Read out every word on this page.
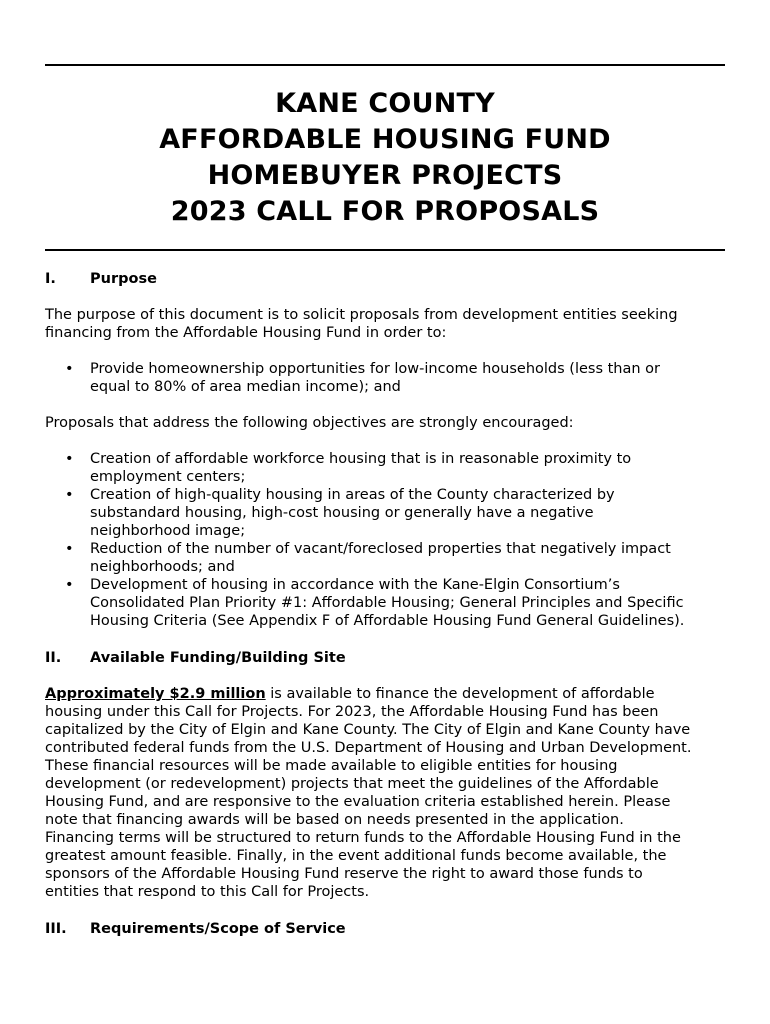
KANE COUNTY
AFFORDABLE HOUSING FUND
HOMEBUYER PROJECTS
2023 CALL FOR PROPOSALS
I. Purpose
The purpose of this document is to solicit proposals from development entities seeking
financing from the Affordable Housing Fund in order to:
• Provide homeownership opportunities for low-income households (less than or
equal to 80% of area median income); and
Proposals that address the following objectives are strongly encouraged:
• Creation of affordable workforce housing that is in reasonable proximity to
employment centers;
• Creation of high-quality housing in areas of the County characterized by
substandard housing, high-cost housing or generally have a negative
neighborhood image;
• Reduction of the number of vacant/foreclosed properties that negatively impact
neighborhoods; and
• Development of housing in accordance with the Kane-Elgin Consortium’s
Consolidated Plan Priority #1: Affordable Housing; General Principles and Specific
Housing Criteria (See Appendix F of Affordable Housing Fund General Guidelines).
II. Available Funding/Building Site
Approximately $2.9 million is available to finance the development of affordable
housing under this Call for Projects. For 2023, the Affordable Housing Fund has been
capitalized by the City of Elgin and Kane County. The City of Elgin and Kane County have
contributed federal funds from the U.S. Department of Housing and Urban Development.
These financial resources will be made available to eligible entities for housing
development (or redevelopment) projects that meet the guidelines of the Affordable
Housing Fund, and are responsive to the evaluation criteria established herein. Please
note that financing awards will be based on needs presented in the application.
Financing terms will be structured to return funds to the Affordable Housing Fund in the
greatest amount feasible. Finally, in the event additional funds become available, the
sponsors of the Affordable Housing Fund reserve the right to award those funds to
entities that respond to this Call for Projects.
III. Requirements/Scope of Service
